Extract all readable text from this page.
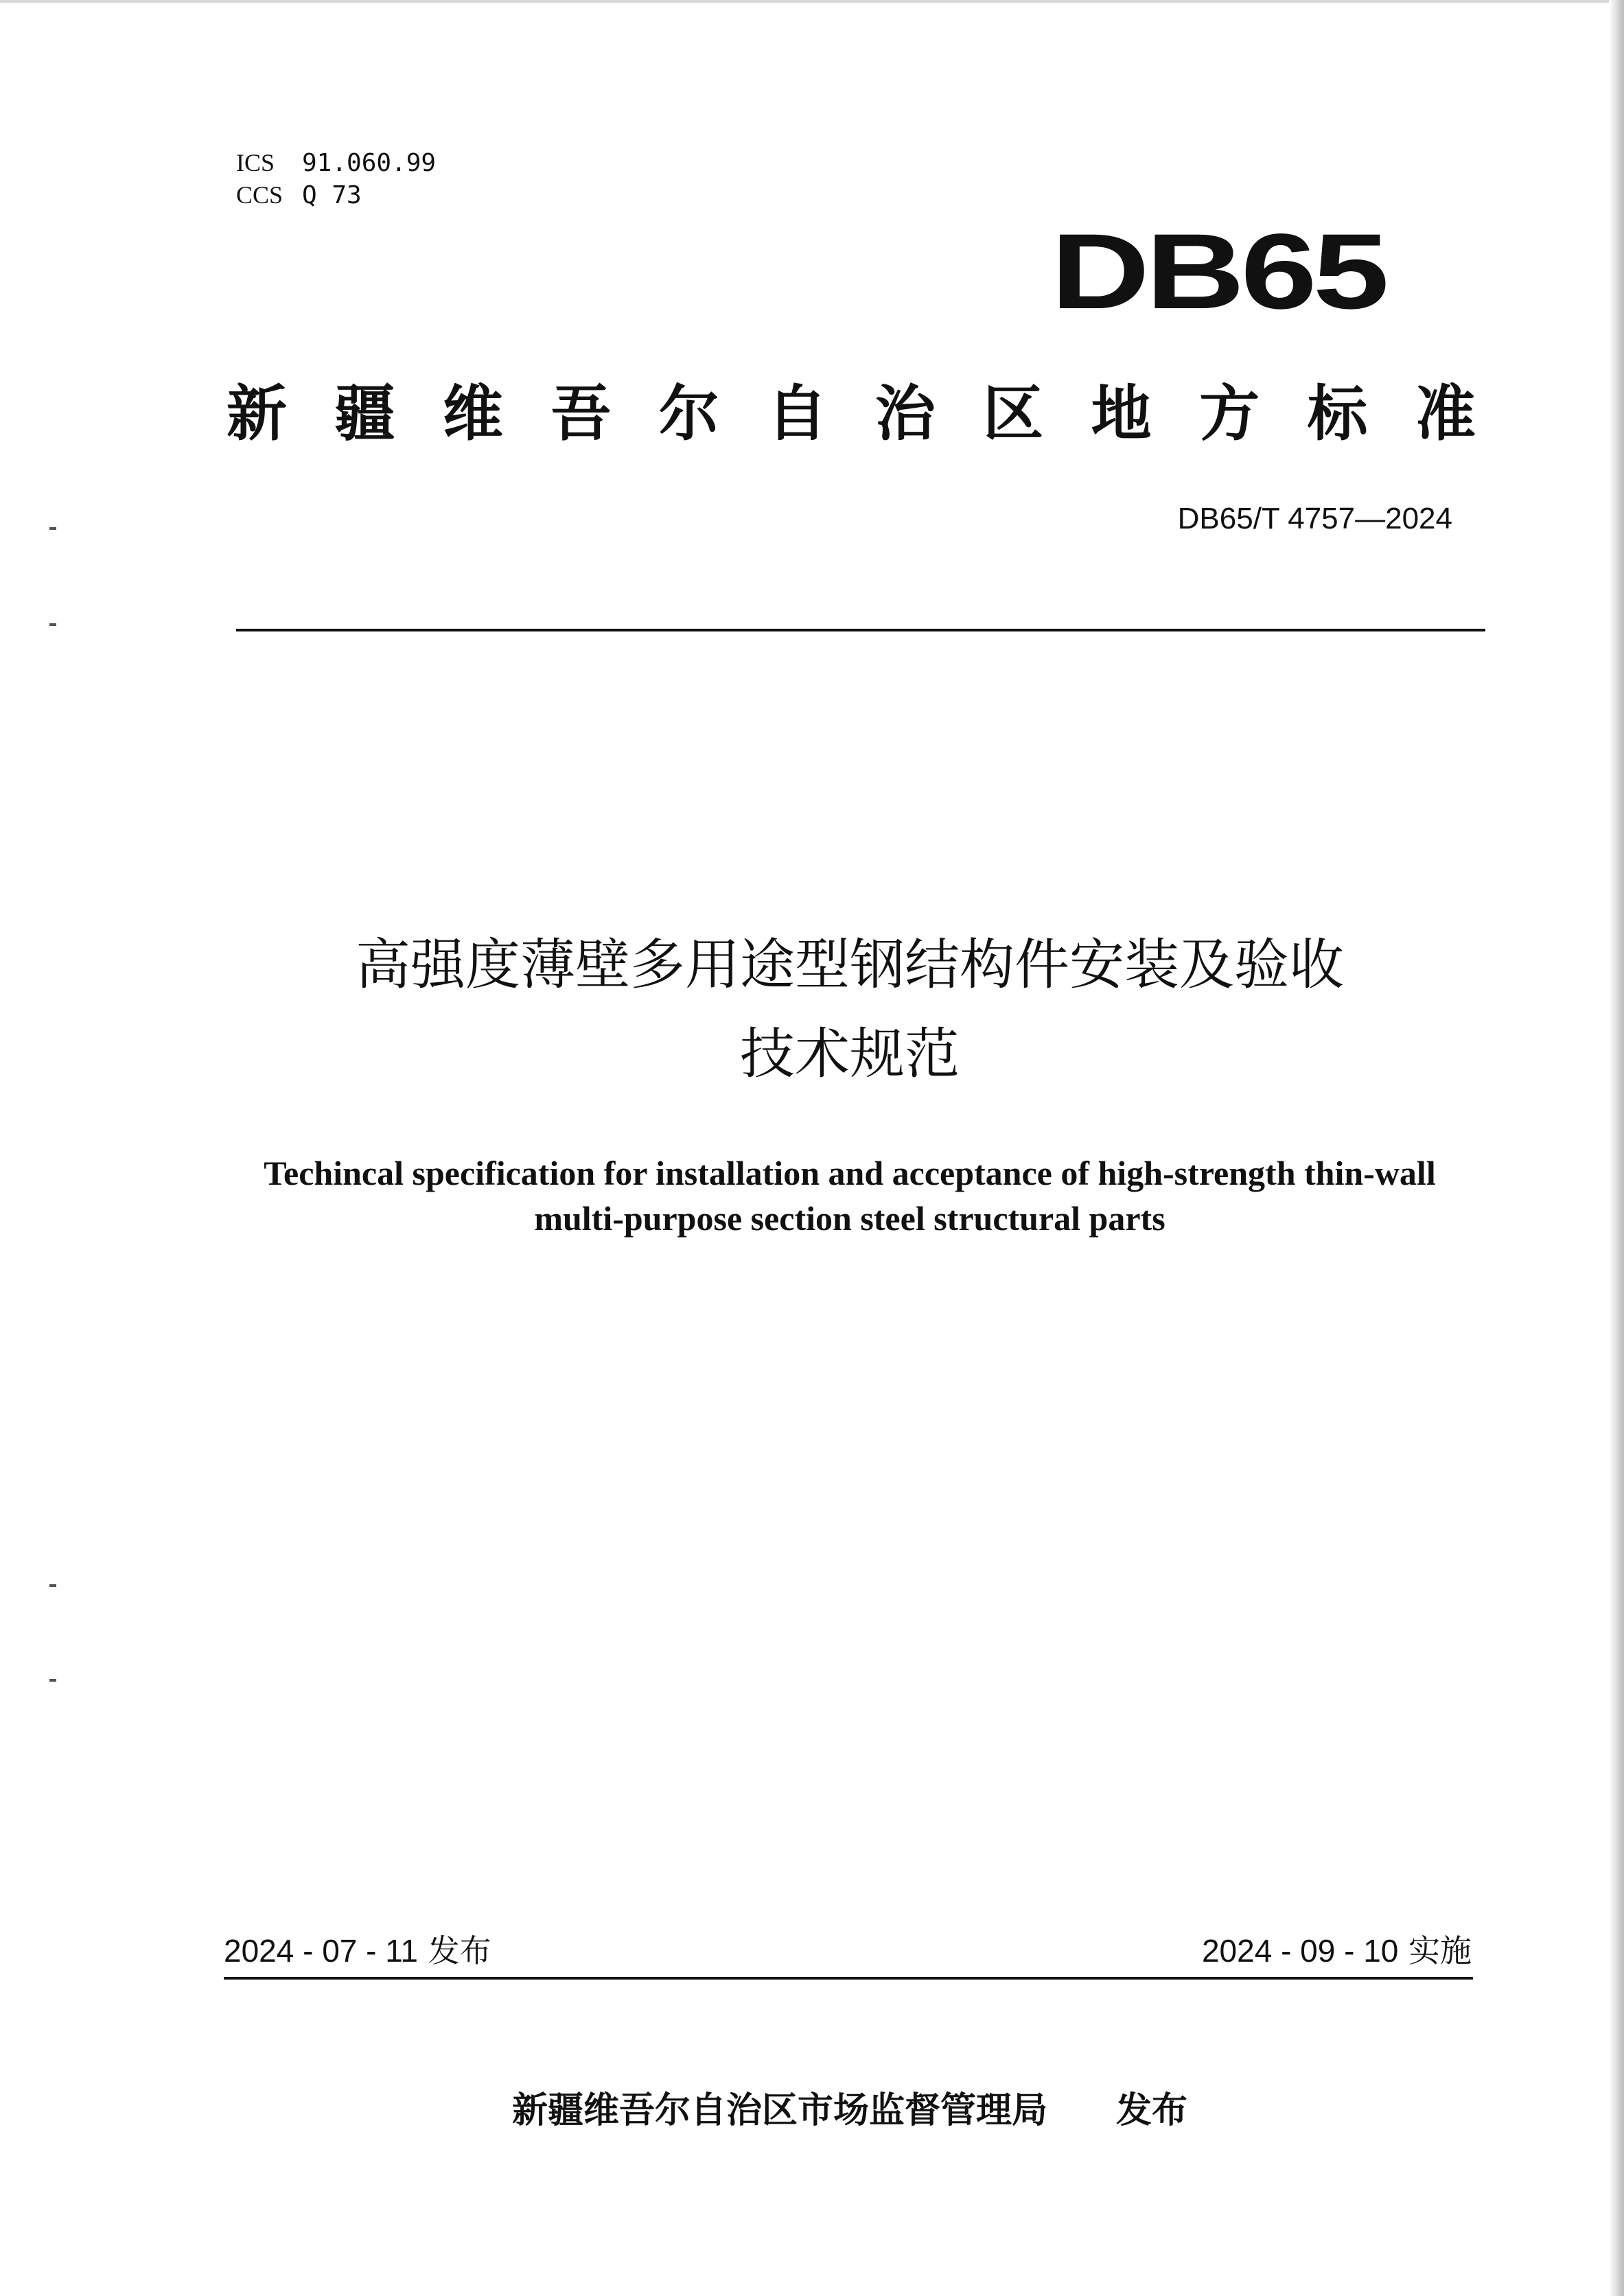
ICS 91.060.99
CCS Q 73
DB65
新 疆 维 吾 尔 自 治 区 地 方 标 准
DB65/T 4757—2024
高强度薄壁多用途型钢结构件安装及验收
技术规范
Techincal specification for installation and acceptance of high-strength thin-wall
multi-purpose section steel structural parts
2024 - 07 - 11 发布	2024 - 09 - 10 实施
新疆维吾尔自治区市场监督管理局 发布
